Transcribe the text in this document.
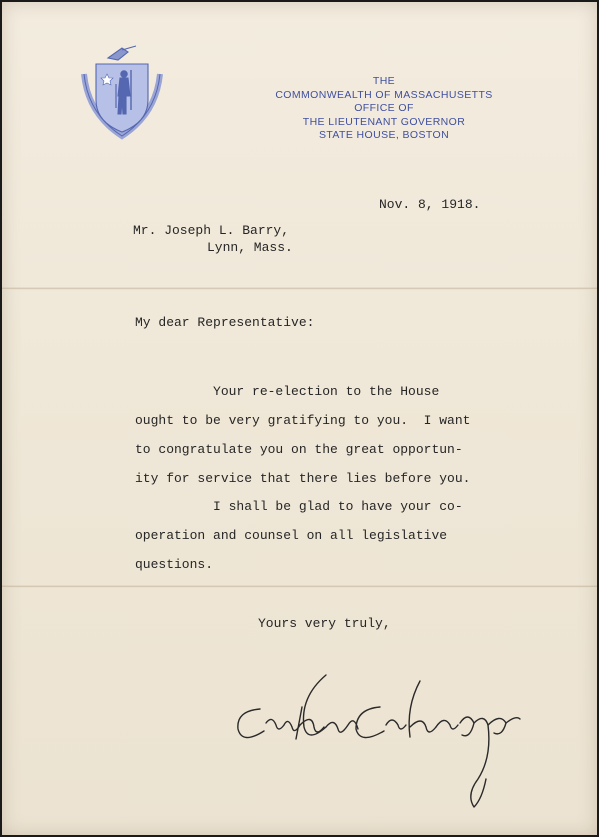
THE
COMMONWEALTH OF MASSACHUSETTS
OFFICE OF
THE LIEUTENANT GOVERNOR
STATE HOUSE, BOSTON
Nov. 8, 1918.
Mr. Joseph L. Barry,
Lynn, Mass.
My dear Representative:
Your re-election to the House
ought to be very gratifying to you.  I want
to congratulate you on the great opportun-
ity for service that there lies before you.
I shall be glad to have your co-
operation and counsel on all legislative
questions.
Yours very truly,
